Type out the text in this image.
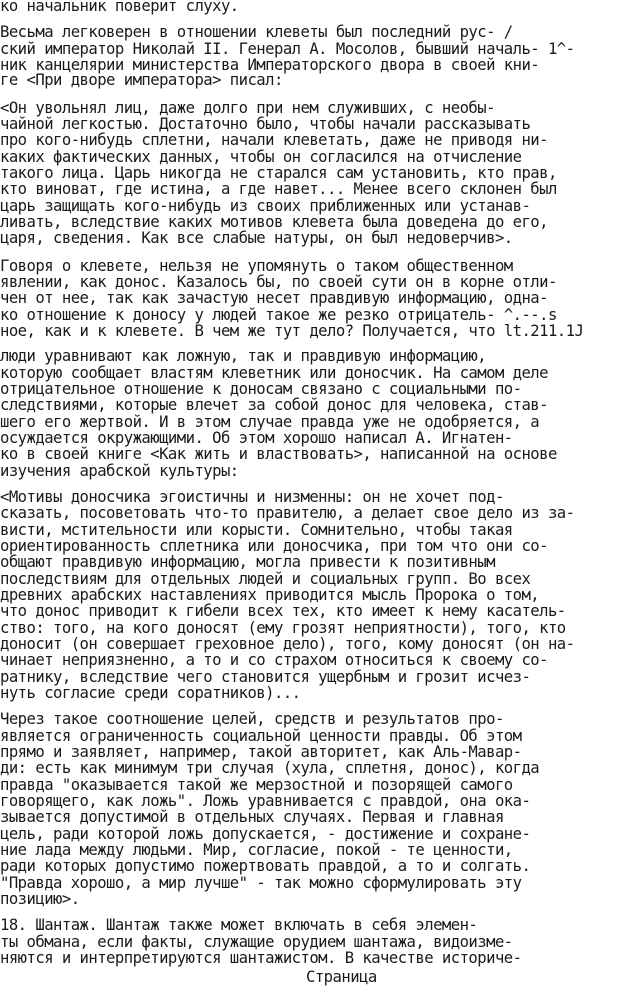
ко начальник поверит слуху.
Весьма легковерен в отношении клеветы был последний рус- /
ский император Николай II. Генерал А. Мосолов, бывший началь- 1^-
ник канцелярии министерства Императорского двора в своей кни-
ге <При дворе императора> писал:
<Он увольнял лиц, даже долго при нем служивших, с необы-
чайной легкостью. Достаточно было, чтобы начали рассказывать
про кого-нибудь сплетни, начали клеветать, даже не приводя ни-
каких фактических данных, чтобы он согласился на отчисление
такого лица. Царь никогда не старался сам установить, кто прав,
кто виноват, где истина, а где навет... Менее всего склонен был
царь защищать кого-нибудь из своих приближенных или устанав-
ливать, вследствие каких мотивов клевета была доведена до его,
царя, сведения. Как все слабые натуры, он был недоверчив>.
Говоря о клевете, нельзя не упомянуть о таком общественном
явлении, как донос. Казалось бы, по своей сути он в корне отли-
чен от нее, так как зачастую несет правдивую информацию, одна-
ко отношение к доносу у людей такое же резко отрицатель- ^.--.s
ное, как и к клевете. В чем же тут дело? Получается, что lt.211.1J
люди уравнивают как ложную, так и правдивую информацию,
которую сообщает властям клеветник или доносчик. На самом деле
отрицательное отношение к доносам связано с социальными по-
следствиями, которые влечет за собой донос для человека, став-
шего его жертвой. И в этом случае правда уже не одобряется, а
осуждается окружающими. Об этом хорошо написал А. Игнатен-
ко в своей книге <Как жить и властвовать>, написанной на основе
изучения арабской культуры:
<Мотивы доносчика эгоистичны и низменны: он не хочет под-
сказать, посоветовать что-то правителю, а делает свое дело из за-
висти, мстительности или корысти. Сомнительно, чтобы такая
ориентированность сплетника или доносчика, при том что они со-
общают правдивую информацию, могла привести к позитивным
последствиям для отдельных людей и социальных групп. Во всех
древних арабских наставлениях приводится мысль Пророка о том,
что донос приводит к гибели всех тех, кто имеет к нему касатель-
ство: того, на кого доносят (ему грозят неприятности), того, кто
доносит (он совершает греховное дело), того, кому доносят (он на-
чинает неприязненно, а то и со страхом относиться к своему со-
ратнику, вследствие чего становится ущербным и грозит исчез-
нуть согласие среди соратников)...
Через такое соотношение целей, средств и результатов про-
является ограниченность социальной ценности правды. Об этом
прямо и заявляет, например, такой авторитет, как Аль-Мавар-
ди: есть как минимум три случая (хула, сплетня, донос), когда
правда "оказывается такой же мерзостной и позорящей самого
говорящего, как ложь". Ложь уравнивается с правдой, она ока-
зывается допустимой в отдельных случаях. Первая и главная
цель, ради которой ложь допускается, - достижение и сохране-
ние лада между людьми. Мир, согласие, покой - те ценности,
ради которых допустимо пожертвовать правдой, а то и солгать.
"Правда хорошо, а мир лучше" - так можно сформулировать эту
позицию>.
18. Шантаж. Шантаж также может включать в себя элемен-
ты обмана, если факты, служащие орудием шантажа, видоизме-
няются и интерпретируются шантажистом. В качестве историче-
Страница
